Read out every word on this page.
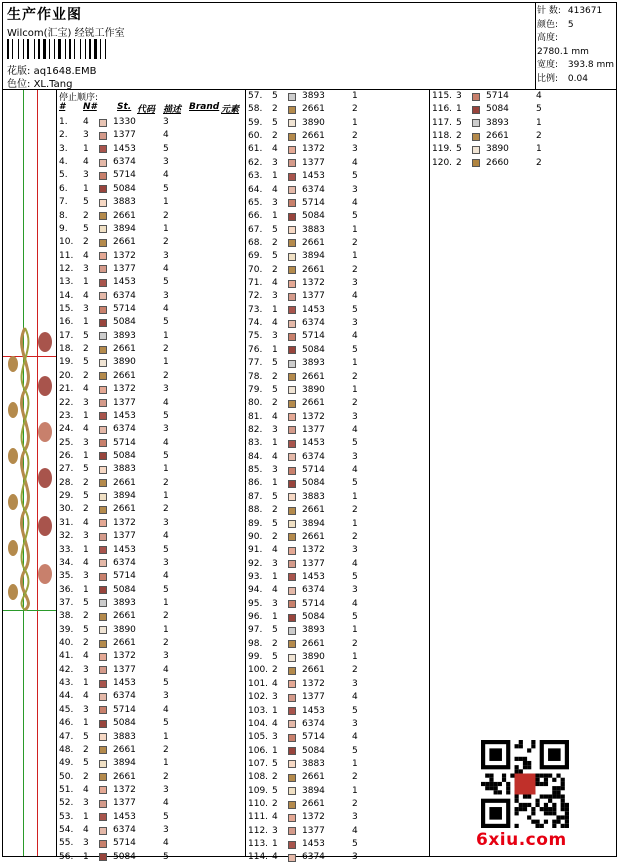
生产作业图
Wilcom(汇宝) 经锐工作室
花版: aq1648.EMB
色位: XL.Tang
针 数: 413671
颜色: 5
高度: 2780.1 mm
宽度: 393.8 mm
比例: 0.04
停止顺序:
# N# St. 代码 描述 Brand 元素
1. 4	1330	3
2. 3	1377	4
3. 1	1453	5
4. 4	6374	3
5. 3	5714	4
6. 1	5084	5
7. 5	3883	1
8. 2	2661	2
9. 5	3894	1
10. 2	2661	2
11. 4	1372	3
12. 3	1377	4
13. 1	1453	5
14. 4	6374	3
15. 3	5714	4
16. 1	5084	5
17. 5	3893	1
18. 2	2661	2
19. 5	3890	1
20. 2	2661	2
21. 4	1372	3
22. 3	1377	4
23. 1	1453	5
24. 4	6374	3
25. 3	5714	4
26. 1	5084	5
27. 5	3883	1
28. 2	2661	2
29. 5	3894	1
30. 2	2661	2
31. 4	1372	3
32. 3	1377	4
33. 1	1453	5
34. 4	6374	3
35. 3	5714	4
36. 1	5084	5
37. 5	3893	1
38. 2	2661	2
39. 5	3890	1
40. 2	2661	2
41. 4	1372	3
42. 3	1377	4
43. 1	1453	5
44. 4	6374	3
45. 3	5714	4
46. 1	5084	5
47. 5	3883	1
48. 2	2661	2
49. 5	3894	1
50. 2	2661	2
51. 4	1372	3
52. 3	1377	4
53. 1	1453	5
54. 4	6374	3
55. 3	5714	4
56. 1	5084	5
57. 5	3893	1
58. 2	2661	2
59. 5	3890	1
60. 2	2661	2
61. 4	1372	3
62. 3	1377	4
63. 1	1453	5
64. 4	6374	3
65. 3	5714	4
66. 1	5084	5
67. 5	3883	1
68. 2	2661	2
69. 5	3894	1
70. 2	2661	2
71. 4	1372	3
72. 3	1377	4
73. 1	1453	5
74. 4	6374	3
75. 3	5714	4
76. 1	5084	5
77. 5	3893	1
78. 2	2661	2
79. 5	3890	1
80. 2	2661	2
81. 4	1372	3
82. 3	1377	4
83. 1	1453	5
84. 4	6374	3
85. 3	5714	4
86. 1	5084	5
87. 5	3883	1
88. 2	2661	2
89. 5	3894	1
90. 2	2661	2
91. 4	1372	3
92. 3	1377	4
93. 1	1453	5
94. 4	6374	3
95. 3	5714	4
96. 1	5084	5
97. 5	3893	1
98. 2	2661	2
99. 5	3890	1
100. 2	2661	2
101. 4	1372	3
102. 3	1377	4
103. 1	1453	5
104. 4	6374	3
105. 3	5714	4
106. 1	5084	5
107. 5	3883	1
108. 2	2661	2
109. 5	3894	1
110. 2	2661	2
111. 4	1372	3
112. 3	1377	4
113. 1	1453	5
114. 4	6374	3
115. 3	5714	4
116. 1	5084	5
117. 5	3893	1
118. 2	2661	2
119. 5	3890	1
120. 2	2660	2
6xiu.com
